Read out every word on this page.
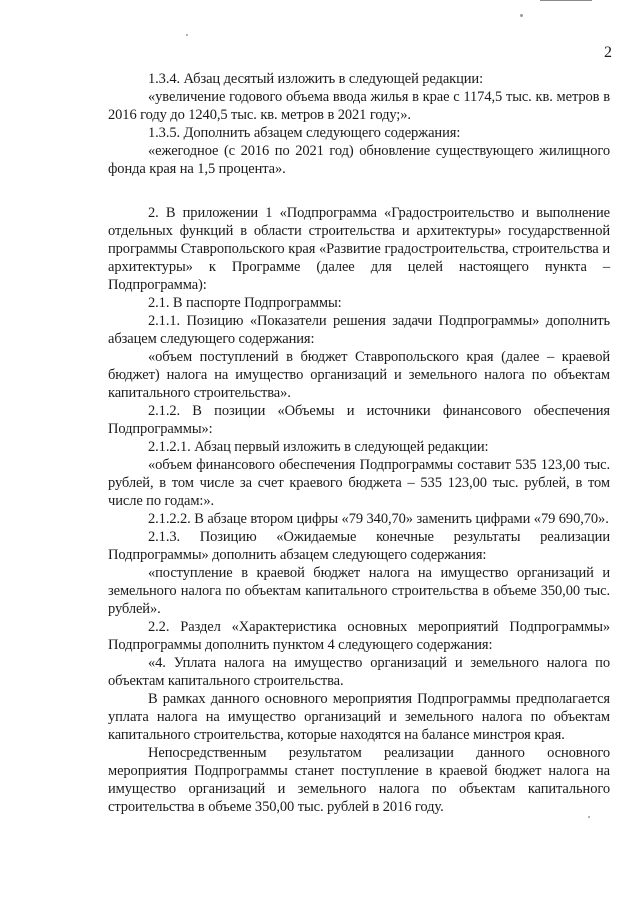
2

1.3.4. Абзац десятый изложить в следующей редакции:

«увеличение годового объема ввода жилья в крае с 1174,5 тыс. кв. метров в 2016 году до 1240,5 тыс. кв. метров в 2021 году;».

1.3.5. Дополнить абзацем следующего содержания:

«ежегодное (с 2016 по 2021 год) обновление существующего жилищного фонда края на 1,5 процента».

2. В приложении 1 «Подпрограмма «Градостроительство и выполнение отдельных функций в области строительства и архитектуры» государственной программы Ставропольского края «Развитие градостроительства, строительства и архитектуры» к Программе (далее для целей настоящего пункта – Подпрограмма):

2.1. В паспорте Подпрограммы:

2.1.1. Позицию «Показатели решения задачи Подпрограммы» дополнить абзацем следующего содержания:

«объем поступлений в бюджет Ставропольского края (далее – краевой бюджет) налога на имущество организаций и земельного налога по объектам капитального строительства».

2.1.2. В позиции «Объемы и источники финансового обеспечения Подпрограммы»:

2.1.2.1. Абзац первый изложить в следующей редакции:

«объем финансового обеспечения Подпрограммы составит 535 123,00 тыс. рублей, в том числе за счет краевого бюджета – 535 123,00 тыс. рублей, в том числе по годам:».

2.1.2.2. В абзаце втором цифры «79 340,70» заменить цифрами «79 690,70».

2.1.3. Позицию «Ожидаемые конечные результаты реализации Подпрограммы» дополнить абзацем следующего содержания:

«поступление в краевой бюджет налога на имущество организаций и земельного налога по объектам капитального строительства в объеме 350,00 тыс. рублей».

2.2. Раздел «Характеристика основных мероприятий Подпрограммы» Подпрограммы дополнить пунктом 4 следующего содержания:

«4. Уплата налога на имущество организаций и земельного налога по объектам капитального строительства.

В рамках данного основного мероприятия Подпрограммы предполагается уплата налога на имущество организаций и земельного налога по объектам капитального строительства, которые находятся на балансе минстроя края.

Непосредственным результатом реализации данного основного мероприятия Подпрограммы станет поступление в краевой бюджет налога на имущество организаций и земельного налога по объектам капитального строительства в объеме 350,00 тыс. рублей в 2016 году.
